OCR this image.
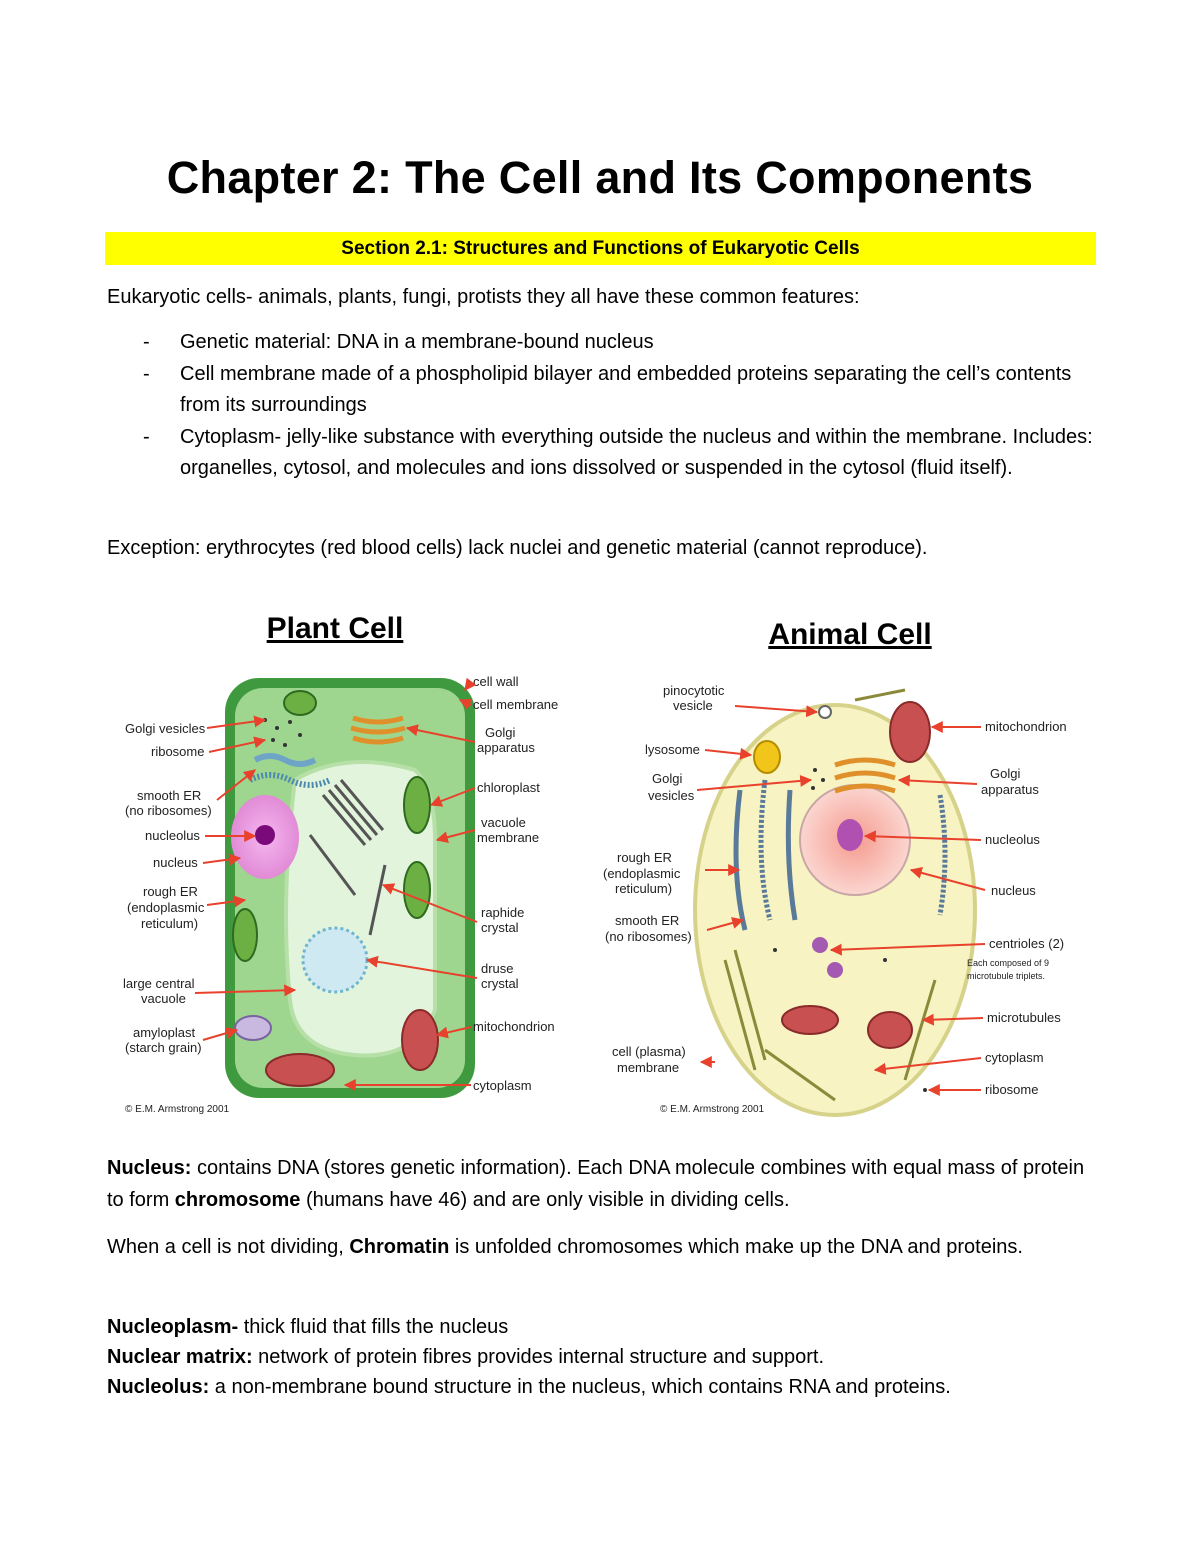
Chapter 2: The Cell and Its Components
Section 2.1: Structures and Functions of Eukaryotic Cells
Eukaryotic cells- animals, plants, fungi, protists they all have these common features:
- Genetic material: DNA in a membrane-bound nucleus
- Cell membrane made of a phospholipid bilayer and embedded proteins separating the cell’s contents from its surroundings
- Cytoplasm- jelly-like substance with everything outside the nucleus and within the membrane. Includes: organelles, cytosol, and molecules and ions dissolved or suspended in the cytosol (fluid itself).
Exception: erythrocytes (red blood cells) lack nuclei and genetic material (cannot reproduce).
Plant Cell
Golgi vesicles
ribosome
smooth ER
(no ribosomes)
nucleolus
nucleus
rough ER
(endoplasmic
reticulum)
large central
vacuole
amyloplast
(starch grain)
cell wall
cell membrane
Golgi
apparatus
chloroplast
vacuole
membrane
raphide
crystal
druse
crystal
mitochondrion
cytoplasm
© E.M. Armstrong 2001
Animal Cell
pinocytotic
vesicle
lysosome
Golgi
vesicles
rough ER
(endoplasmic
reticulum)
smooth ER
(no ribosomes)
cell (plasma)
membrane
mitochondrion
Golgi
apparatus
nucleolus
nucleus
centrioles (2)
Each composed of 9
microtubule triplets.
microtubules
cytoplasm
ribosome
© E.M. Armstrong 2001
Nucleus: contains DNA (stores genetic information). Each DNA molecule combines with equal mass of protein to form chromosome (humans have 46) and are only visible in dividing cells.
When a cell is not dividing, Chromatin is unfolded chromosomes which make up the DNA and proteins.
Nucleoplasm- thick fluid that fills the nucleus
Nuclear matrix: network of protein fibres provides internal structure and support.
Nucleolus: a non-membrane bound structure in the nucleus, which contains RNA and proteins.
